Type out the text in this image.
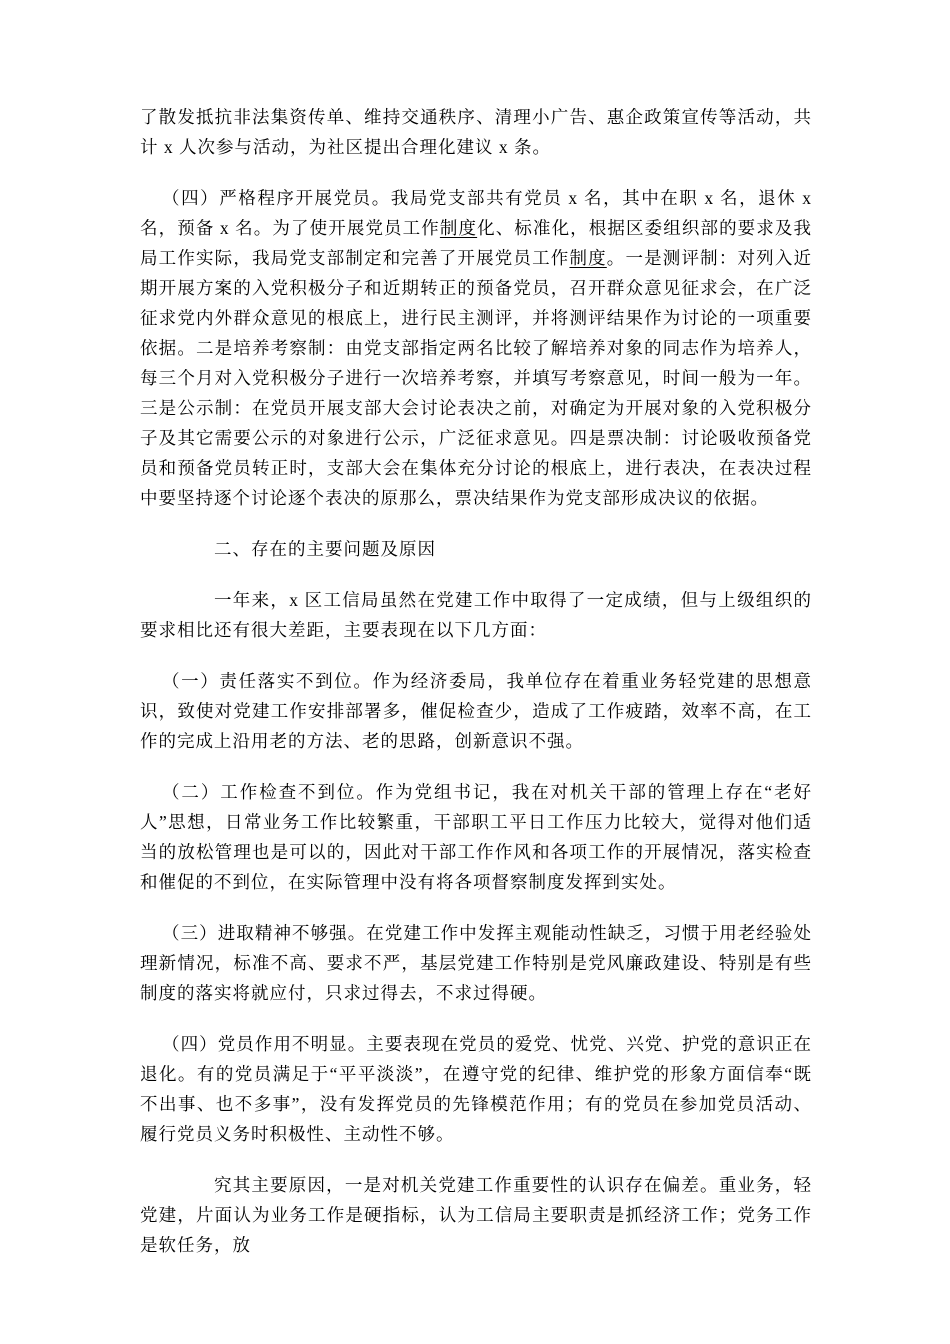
了散发抵抗非法集资传单、维持交通秩序、清理小广告、惠企政策宣传等活动，共计 x 人次参与活动，为社区提出合理化建议 x 条。

（四）严格程序开展党员。我局党支部共有党员 x 名，其中在职 x 名，退休 x 名，预备 x 名。为了使开展党员工作制度化、标准化，根据区委组织部的要求及我局工作实际，我局党支部制定和完善了开展党员工作制度。一是测评制：对列入近期开展方案的入党积极分子和近期转正的预备党员，召开群众意见征求会，在广泛征求党内外群众意见的根底上，进行民主测评，并将测评结果作为讨论的一项重要依据。二是培养考察制：由党支部指定两名比较了解培养对象的同志作为培养人，每三个月对入党积极分子进行一次培养考察，并填写考察意见，时间一般为一年。三是公示制：在党员开展支部大会讨论表决之前，对确定为开展对象的入党积极分子及其它需要公示的对象进行公示，广泛征求意见。四是票决制：讨论吸收预备党员和预备党员转正时，支部大会在集体充分讨论的根底上，进行表决，在表决过程中要坚持逐个讨论逐个表决的原那么，票决结果作为党支部形成决议的依据。

二、存在的主要问题及原因

一年来，x 区工信局虽然在党建工作中取得了一定成绩，但与上级组织的要求相比还有很大差距，主要表现在以下几方面：

（一）责任落实不到位。作为经济委局，我单位存在着重业务轻党建的思想意识，致使对党建工作安排部署多，催促检查少，造成了工作疲踏，效率不高，在工作的完成上沿用老的方法、老的思路，创新意识不强。

（二）工作检查不到位。作为党组书记，我在对机关干部的管理上存在“老好人”思想，日常业务工作比较繁重，干部职工平日工作压力比较大，觉得对他们适当的放松管理也是可以的，因此对干部工作作风和各项工作的开展情况，落实检查和催促的不到位，在实际管理中没有将各项督察制度发挥到实处。

（三）进取精神不够强。在党建工作中发挥主观能动性缺乏，习惯于用老经验处理新情况，标准不高、要求不严，基层党建工作特别是党风廉政建设、特别是有些制度的落实将就应付，只求过得去，不求过得硬。

（四）党员作用不明显。主要表现在党员的爱党、忧党、兴党、护党的意识正在退化。有的党员满足于“平平淡淡”，在遵守党的纪律、维护党的形象方面信奉“既不出事、也不多事”，没有发挥党员的先锋模范作用；有的党员在参加党员活动、履行党员义务时积极性、主动性不够。

究其主要原因，一是对机关党建工作重要性的认识存在偏差。重业务，轻党建，片面认为业务工作是硬指标，认为工信局主要职责是抓经济工作；党务工作是软任务，放
